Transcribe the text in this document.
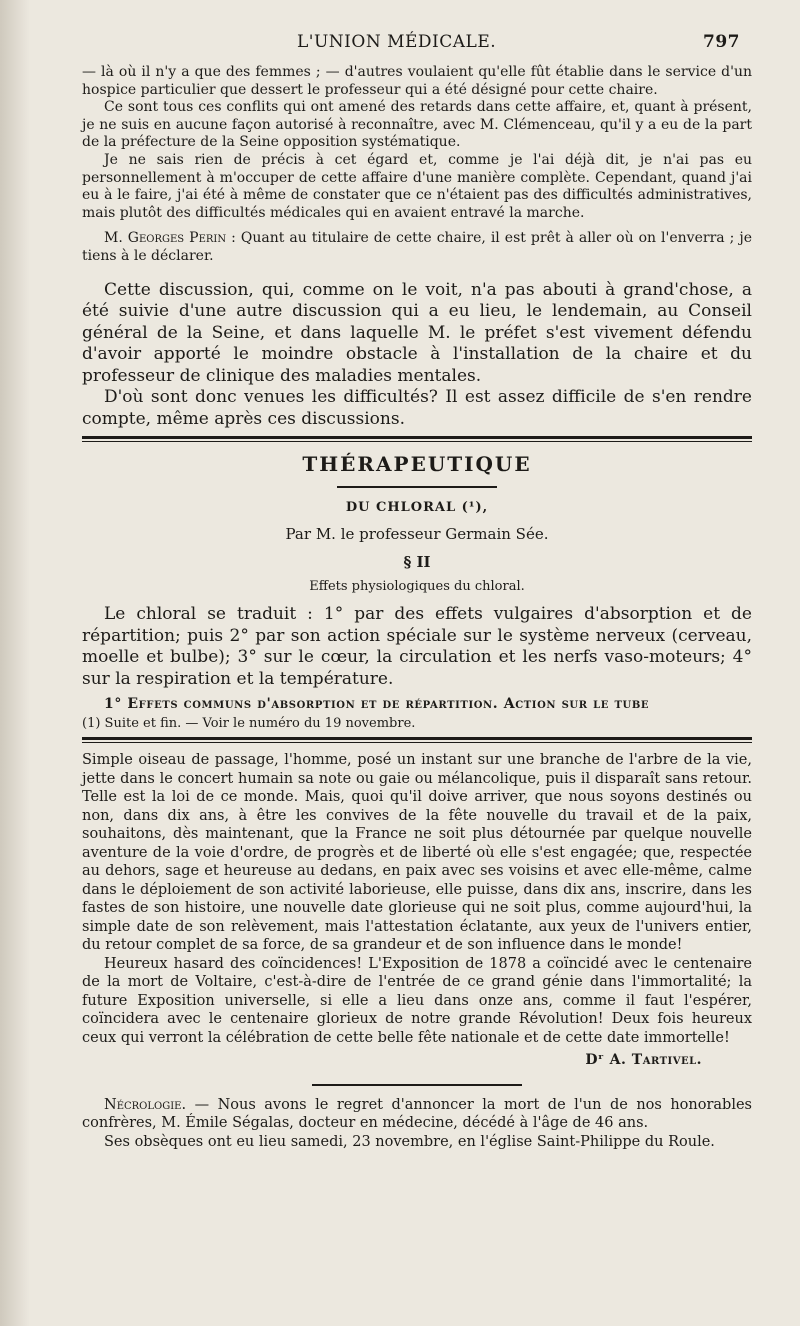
L'UNION MÉDICALE.	797

— là où il n'y a que des femmes ; — d'autres voulaient qu'elle fût établie dans le service d'un hospice particulier que dessert le professeur qui a été désigné pour cette chaire.

Ce sont tous ces conflits qui ont amené des retards dans cette affaire, et, quant à présent, je ne suis en aucune façon autorisé à reconnaître, avec M. Clémenceau, qu'il y a eu de la part de la préfecture de la Seine opposition systématique.

Je ne sais rien de précis à cet égard et, comme je l'ai déjà dit, je n'ai pas eu personnellement à m'occuper de cette affaire d'une manière complète. Cependant, quand j'ai eu à le faire, j'ai été à même de constater que ce n'étaient pas des difficultés administratives, mais plutôt des difficultés médicales qui en avaient entravé la marche.

M. Georges Perin : Quant au titulaire de cette chaire, il est prêt à aller où on l'enverra ; je tiens à le déclarer.

Cette discussion, qui, comme on le voit, n'a pas abouti à grand'chose, a été suivie d'une autre discussion qui a eu lieu, le lendemain, au Conseil général de la Seine, et dans laquelle M. le préfet s'est vivement défendu d'avoir apporté le moindre obstacle à l'installation de la chaire et du professeur de clinique des maladies mentales.

D'où sont donc venues les difficultés? Il est assez difficile de s'en rendre compte, même après ces discussions.

THÉRAPEUTIQUE
DU CHLORAL (¹),
Par M. le professeur Germain Sée.
§ II
Effets physiologiques du chloral.

Le chloral se traduit : 1° par des effets vulgaires d'absorption et de répartition; puis 2° par son action spéciale sur le système nerveux (cerveau, moelle et bulbe); 3° sur le cœur, la circulation et les nerfs vaso-moteurs; 4° sur la respiration et la température.

1° Effets communs d'absorption et de répartition. Action sur le tube

(1) Suite et fin. — Voir le numéro du 19 novembre.

Simple oiseau de passage, l'homme, posé un instant sur une branche de l'arbre de la vie, jette dans le concert humain sa note ou gaie ou mélancolique, puis il disparaît sans retour. Telle est la loi de ce monde. Mais, quoi qu'il doive arriver, que nous soyons destinés ou non, dans dix ans, à être les convives de la fête nouvelle du travail et de la paix, souhaitons, dès maintenant, que la France ne soit plus détournée par quelque nouvelle aventure de la voie d'ordre, de progrès et de liberté où elle s'est engagée; que, respectée au dehors, sage et heureuse au dedans, en paix avec ses voisins et avec elle-même, calme dans le déploiement de son activité laborieuse, elle puisse, dans dix ans, inscrire, dans les fastes de son histoire, une nouvelle date glorieuse qui ne soit plus, comme aujourd'hui, la simple date de son relèvement, mais l'attestation éclatante, aux yeux de l'univers entier, du retour complet de sa force, de sa grandeur et de son influence dans le monde!

Heureux hasard des coïncidences! L'Exposition de 1878 a coïncidé avec le centenaire de la mort de Voltaire, c'est-à-dire de l'entrée de ce grand génie dans l'immortalité; la future Exposition universelle, si elle a lieu dans onze ans, comme il faut l'espérer, coïncidera avec le centenaire glorieux de notre grande Révolution! Deux fois heureux ceux qui verront la célébration de cette belle fête nationale et de cette date immortelle!

Dʳ A. Tartivel.

Nécrologie. — Nous avons le regret d'annoncer la mort de l'un de nos honorables confrères, M. Émile Ségalas, docteur en médecine, décédé à l'âge de 46 ans.

Ses obsèques ont eu lieu samedi, 23 novembre, en l'église Saint-Philippe du Roule.
